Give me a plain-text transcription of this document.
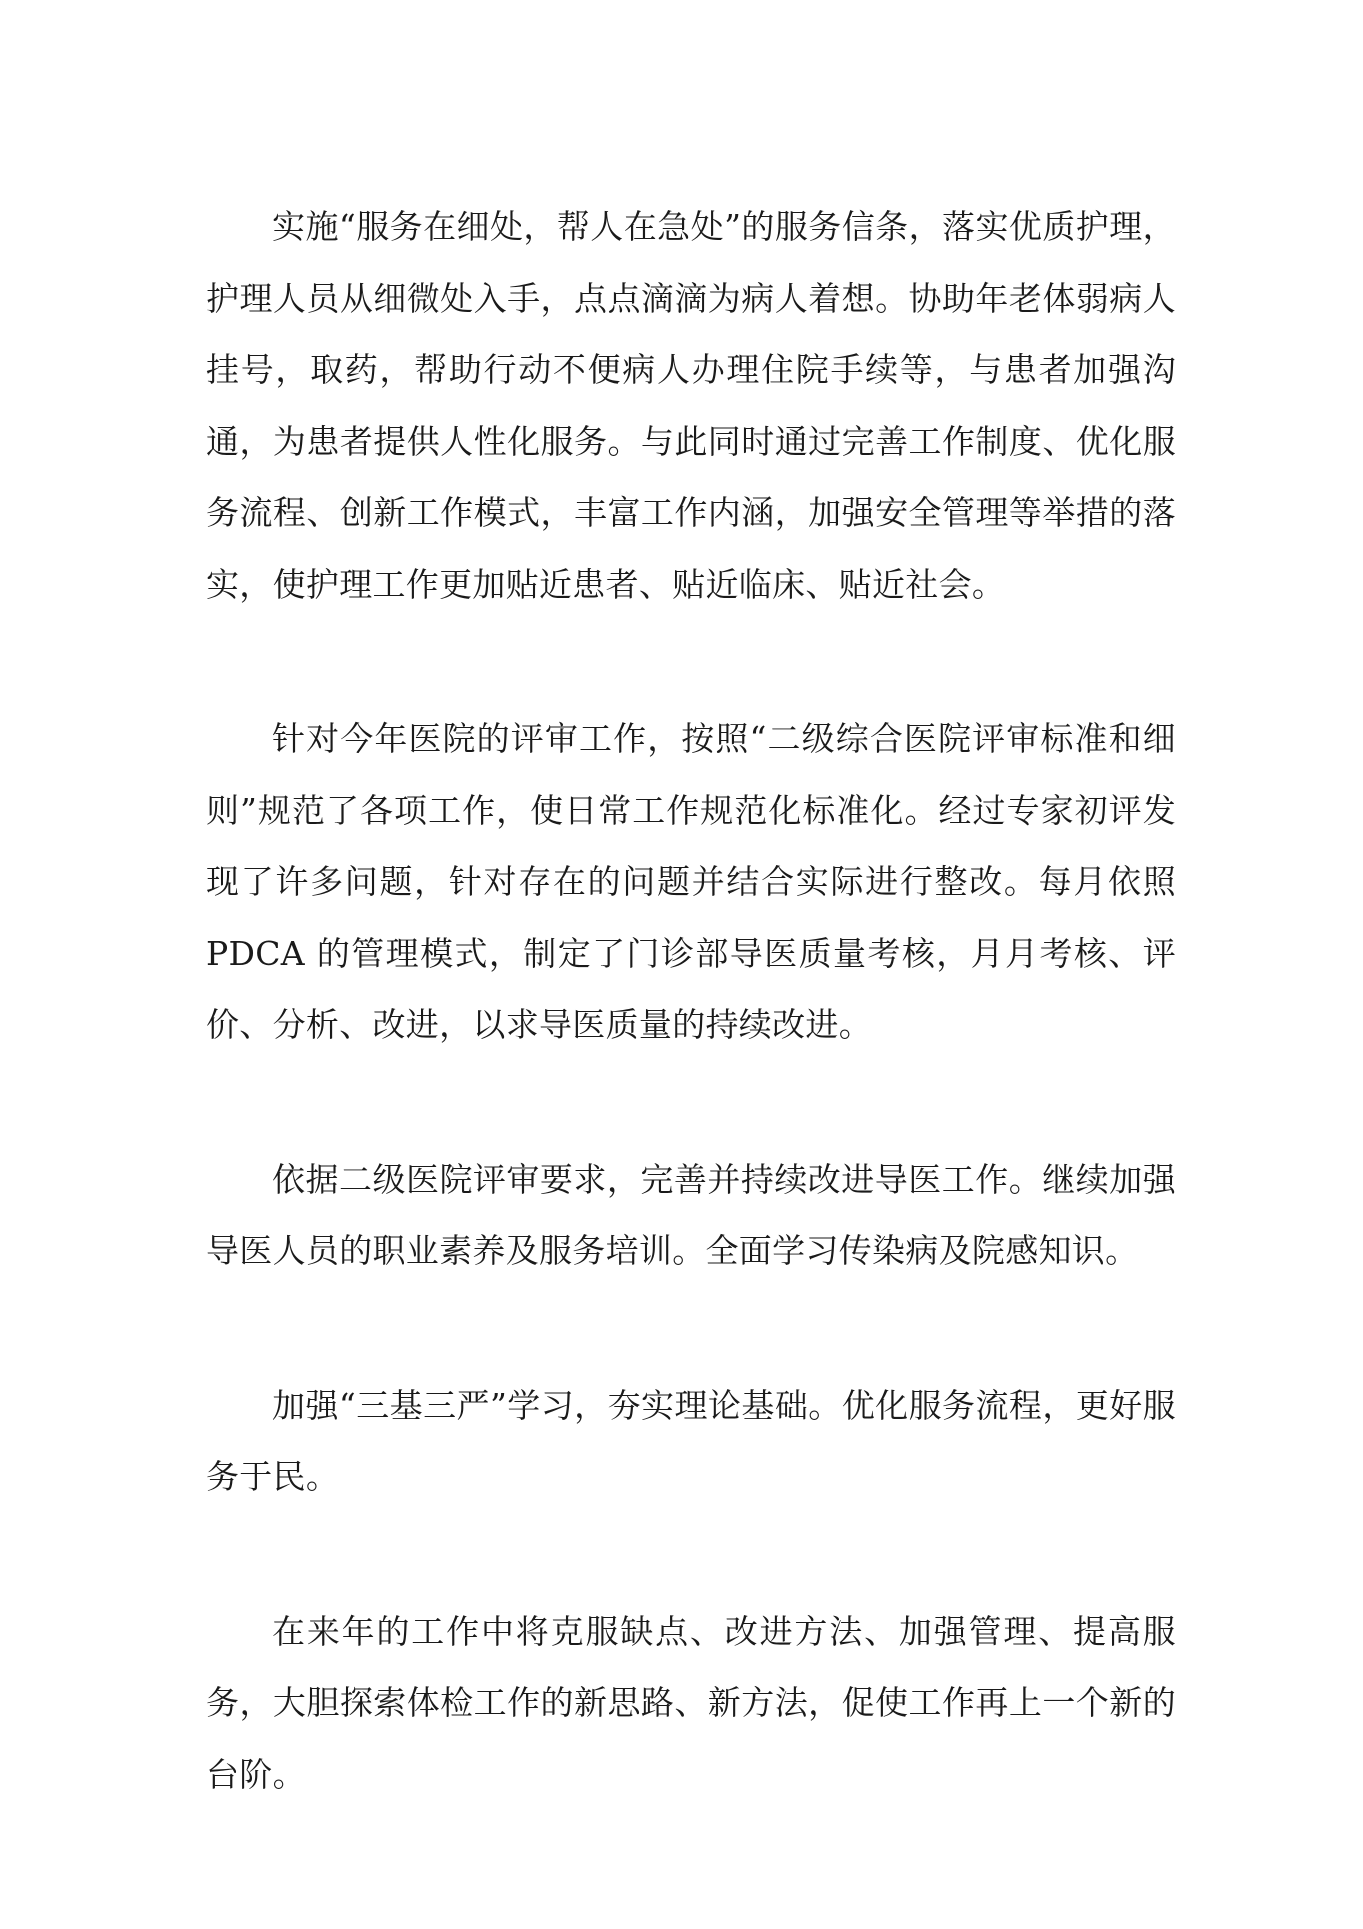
实施“服务在细处，帮人在急处”的服务信条，落实优质护理，护理人员从细微处入手，点点滴滴为病人着想。协助年老体弱病人挂号，取药，帮助行动不便病人办理住院手续等，与患者加强沟通，为患者提供人性化服务。与此同时通过完善工作制度、优化服务流程、创新工作模式，丰富工作内涵，加强安全管理等举措的落实，使护理工作更加贴近患者、贴近临床、贴近社会。

针对今年医院的评审工作，按照“二级综合医院评审标准和细则”规范了各项工作，使日常工作规范化标准化。经过专家初评发现了许多问题，针对存在的问题并结合实际进行整改。每月依照 PDCA 的管理模式，制定了门诊部导医质量考核，月月考核、评价、分析、改进，以求导医质量的持续改进。

依据二级医院评审要求，完善并持续改进导医工作。继续加强导医人员的职业素养及服务培训。全面学习传染病及院感知识。

加强“三基三严”学习，夯实理论基础。优化服务流程，更好服务于民。

在来年的工作中将克服缺点、改进方法、加强管理、提高服务，大胆探索体检工作的新思路、新方法，促使工作再上一个新的台阶。
